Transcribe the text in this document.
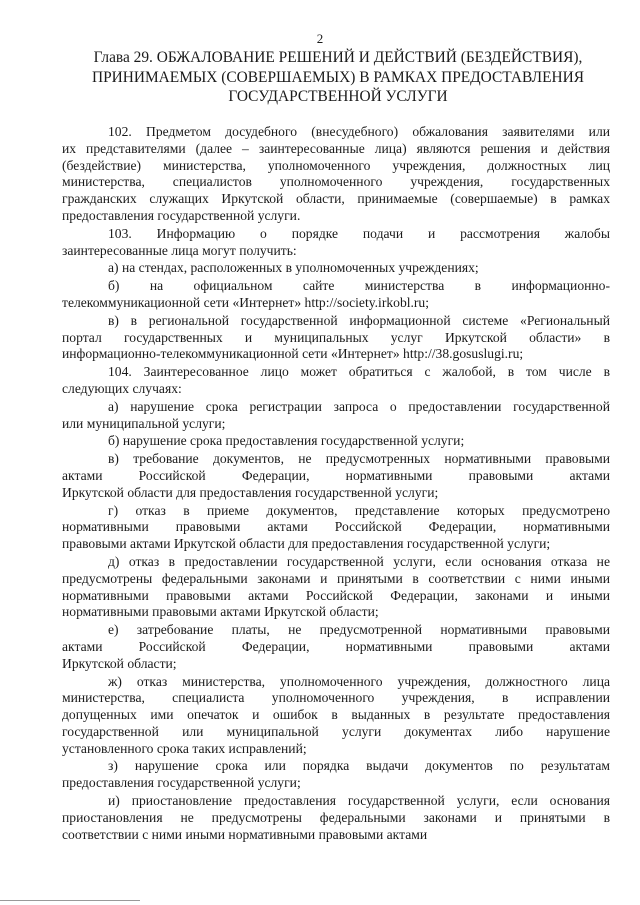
2
Глава 29. ОБЖАЛОВАНИЕ РЕШЕНИЙ И ДЕЙСТВИЙ (БЕЗДЕЙСТВИЯ),
ПРИНИМАЕМЫХ (СОВЕРШАЕМЫХ) В РАМКАХ ПРЕДОСТАВЛЕНИЯ
ГОСУДАРСТВЕННОЙ УСЛУГИ
102. Предметом досудебного (внесудебного) обжалования заявителями или
их представителями (далее – заинтересованные лица) являются решения и действия
(бездействие) министерства, уполномоченного учреждения, должностных лиц
министерства, специалистов уполномоченного учреждения, государственных
гражданских служащих Иркутской области, принимаемые (совершаемые) в рамках
предоставления государственной услуги.
103. Информацию о порядке подачи и рассмотрения жалобы
заинтересованные лица могут получить:
а) на стендах, расположенных в уполномоченных учреждениях;
б) на официальном сайте министерства в информационно-
телекоммуникационной сети «Интернет» http://society.irkobl.ru;
в) в региональной государственной информационной системе «Региональный
портал государственных и муниципальных услуг Иркутской области» в
информационно-телекоммуникационной сети «Интернет» http://38.gosuslugi.ru;
104. Заинтересованное лицо может обратиться с жалобой, в том числе в
следующих случаях:
а) нарушение срока регистрации запроса о предоставлении государственной
или муниципальной услуги;
б) нарушение срока предоставления государственной услуги;
в) требование документов, не предусмотренных нормативными правовыми
актами Российской Федерации, нормативными правовыми актами
Иркутской области для предоставления государственной услуги;
г) отказ в приеме документов, представление которых предусмотрено
нормативными правовыми актами Российской Федерации, нормативными
правовыми актами Иркутской области для предоставления государственной услуги;
д) отказ в предоставлении государственной услуги, если основания отказа не
предусмотрены федеральными законами и принятыми в соответствии с ними иными
нормативными правовыми актами Российской Федерации, законами и иными
нормативными правовыми актами Иркутской области;
е) затребование платы, не предусмотренной нормативными правовыми
актами Российской Федерации, нормативными правовыми актами
Иркутской области;
ж) отказ министерства, уполномоченного учреждения, должностного лица
министерства, специалиста уполномоченного учреждения, в исправлении
допущенных ими опечаток и ошибок в выданных в результате предоставления
государственной или муниципальной услуги документах либо нарушение
установленного срока таких исправлений;
з) нарушение срока или порядка выдачи документов по результатам
предоставления государственной услуги;
и) приостановление предоставления государственной услуги, если основания
приостановления не предусмотрены федеральными законами и принятыми в
соответствии с ними иными нормативными правовыми актами
